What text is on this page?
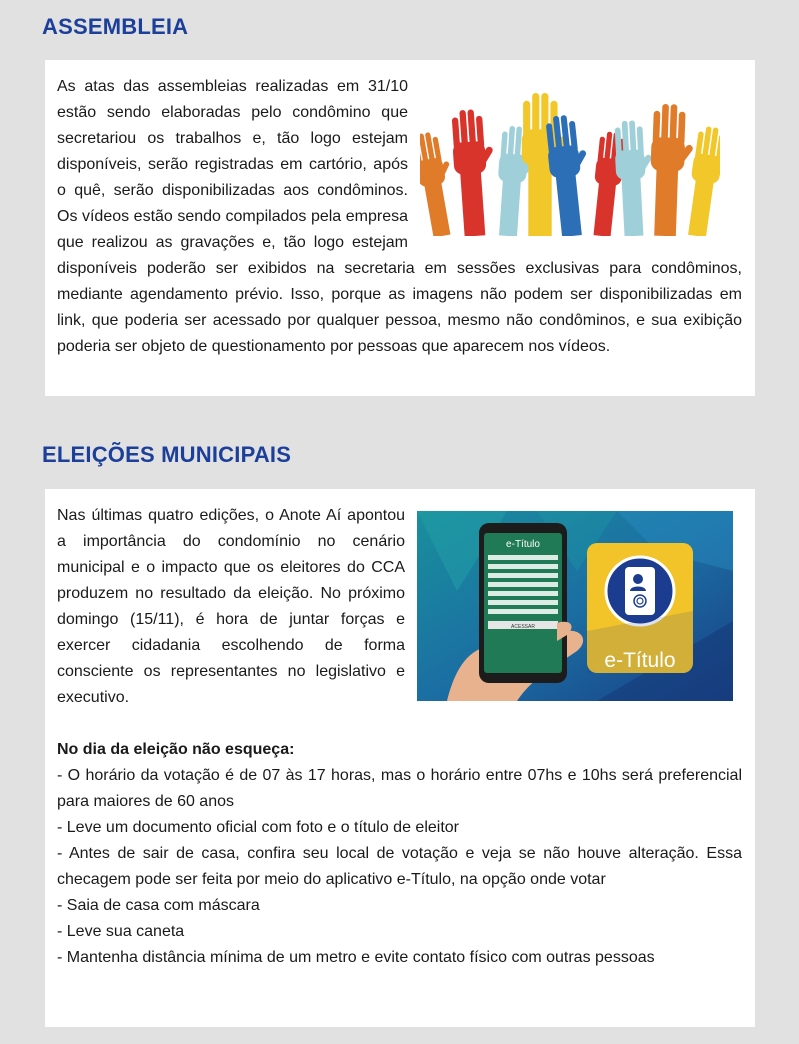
ASSEMBLEIA

As atas das assembleias realizadas em 31/10 estão sendo elaboradas pelo condômino que secretariou os trabalhos e, tão logo estejam disponíveis, serão registradas em cartório, após o quê, serão disponibilizadas aos condôminos. Os vídeos estão sendo compilados pela empresa que realizou as gravações e, tão logo estejam disponíveis poderão ser exibidos na secretaria em sessões exclusivas para condôminos, mediante agendamento prévio. Isso, porque as imagens não podem ser disponibilizadas em link, que poderia ser acessado por qualquer pessoa, mesmo não condôminos, e sua exibição poderia ser objeto de questionamento por pessoas que aparecem nos vídeos.

ELEIÇÕES MUNICIPAIS
e-Título
ACESSAR
e-Título

Nas últimas quatro edições, o Anote Aí apontou a importância do condomínio no cenário municipal e o impacto que os eleitores do CCA produzem no resultado da eleição. No próximo domingo (15/11), é hora de juntar forças e exercer cidadania escolhendo de forma consciente os representantes no legislativo e executivo.

No dia da eleição não esqueça:

- O horário da votação é de 07 às 17 horas, mas o horário entre 07hs e 10hs será preferencial para maiores de 60 anos
- Leve um documento oficial com foto e o título de eleitor
- Antes de sair de casa, confira seu local de votação e veja se não houve alteração. Essa checagem pode ser feita por meio do aplicativo e-Título, na opção onde votar
- Saia de casa com máscara
- Leve sua caneta
- Mantenha distância mínima de um metro e evite contato físico com outras pessoas
